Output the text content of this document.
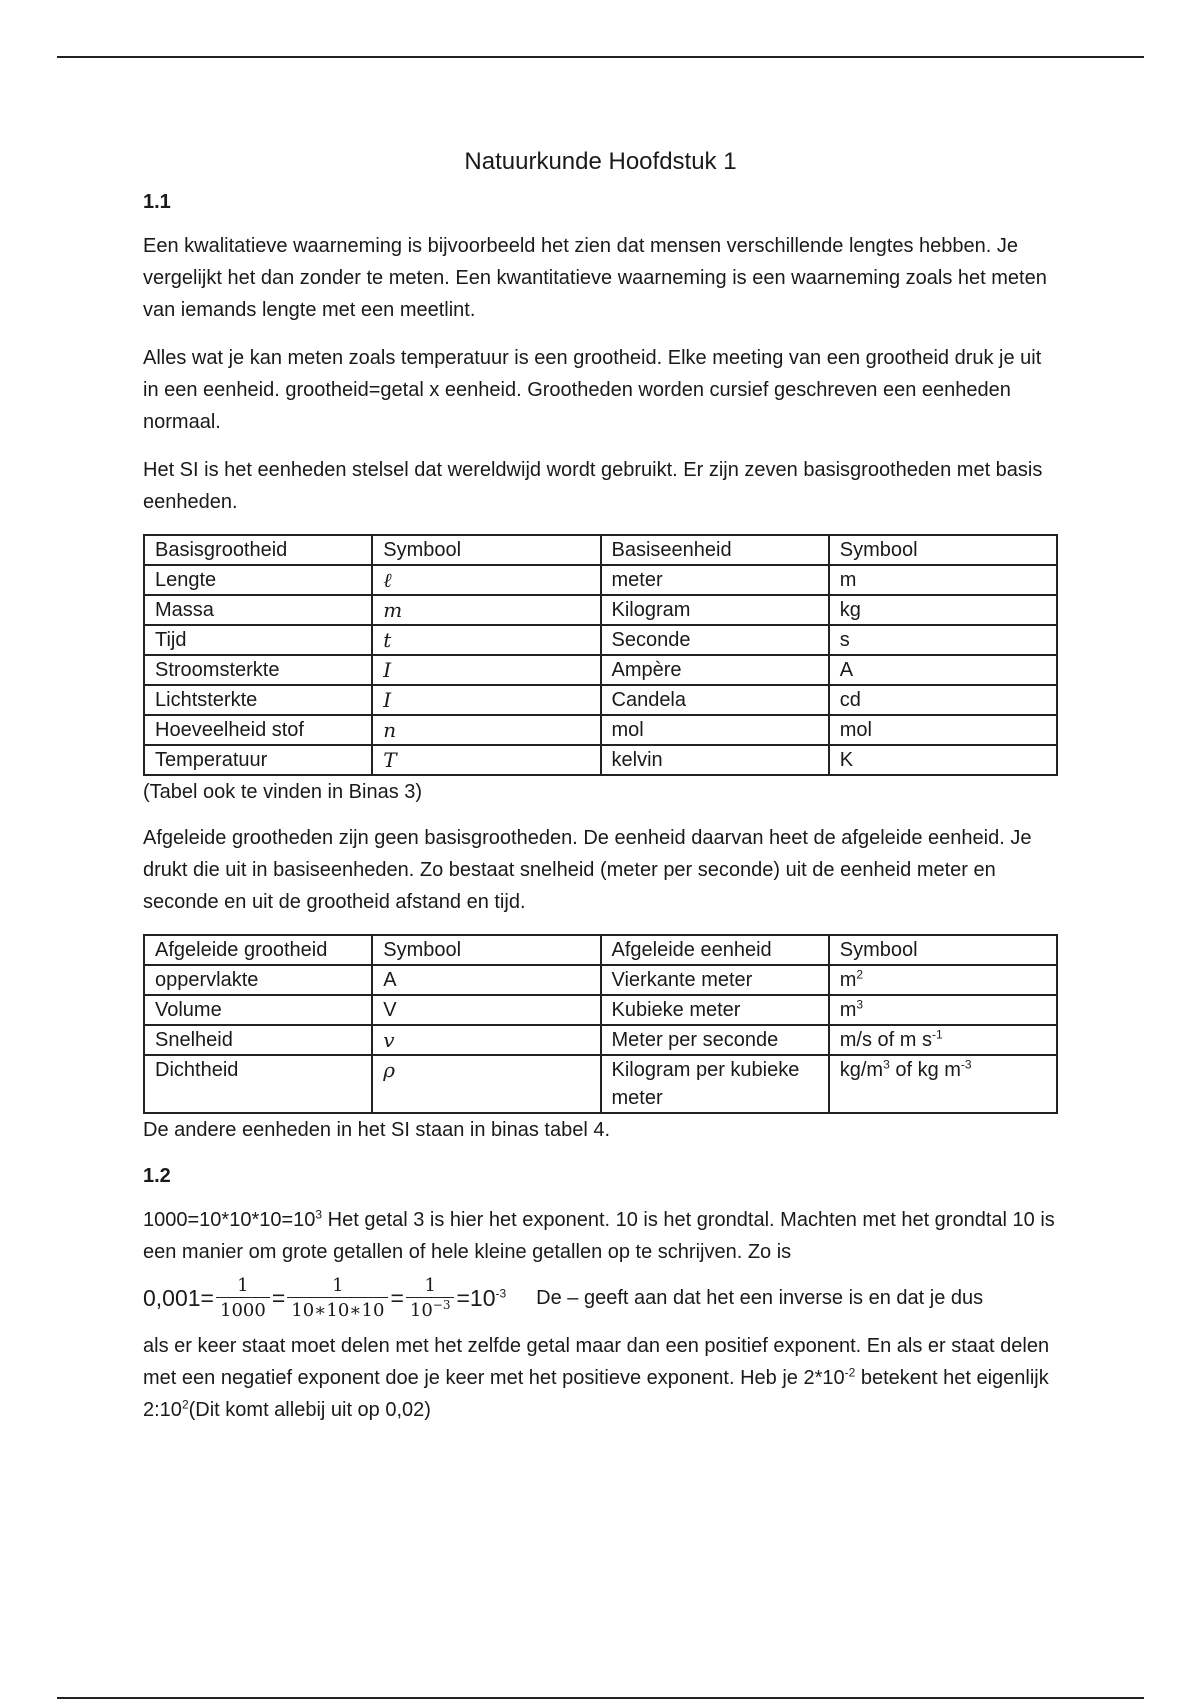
Natuurkunde Hoofdstuk 1
1.1

Een kwalitatieve waarneming is bijvoorbeeld het zien dat mensen verschillende lengtes hebben. Je vergelijkt het dan zonder te meten. Een kwantitatieve waarneming is een waarneming zoals het meten van iemands lengte met een meetlint.

Alles wat je kan meten zoals temperatuur is een grootheid. Elke meeting van een grootheid druk je uit in een eenheid. grootheid=getal x eenheid. Grootheden worden cursief geschreven een eenheden normaal.

Het SI is het eenheden stelsel dat wereldwijd wordt gebruikt. Er zijn zeven basisgrootheden met basis eenheden.

Basisgrootheid	Symbool	Basiseenheid	Symbool
Lengte	ℓ	meter	m
Massa	m	Kilogram	kg
Tijd	t	Seconde	s
Stroomsterkte	I	Ampère	A
Lichtsterkte	I	Candela	cd
Hoeveelheid stof	n	mol	mol
Temperatuur	T	kelvin	K
(Tabel ook te vinden in Binas 3)

Afgeleide grootheden zijn geen basisgrootheden. De eenheid daarvan heet de afgeleide eenheid. Je drukt die uit in basiseenheden. Zo bestaat snelheid (meter per seconde) uit de eenheid meter en seconde en uit de grootheid afstand en tijd.

Afgeleide grootheid	Symbool	Afgeleide eenheid	Symbool
oppervlakte	A	Vierkante meter	$m^2$
Volume	V	Kubieke meter	$m^3$
Snelheid	v	Meter per seconde	m/s of m $s^{-1}$
Dichtheid	ρ	Kilogram per kubieke meter	$kg/m^3$ of kg $m^{-3}$
De andere eenheden in het SI staan in binas tabel 4.
1.2
$1000=10*10*10=10^3$ Het getal 3 is hier het exponent. 10 is het grondtal. Machten met het grondtal 10 is een manier om grote getallen of hele kleine getallen op te schrijven. Zo is
$0,001= \frac{1}{1000} = \frac{1}{10∗10∗10} = \frac{1}{10^{-3}} =10^{-3}$ De – geeft aan dat het een inverse is en dat je dus
als er keer staat moet delen met het zelfde getal maar dan een positief exponent. En als er staat delen met een negatief exponent doe je keer met het positieve exponent. Heb je $2*10^{-2}$ betekent het eigenlijk $2:10^2(Dit$ komt allebij uit op 0,02)
